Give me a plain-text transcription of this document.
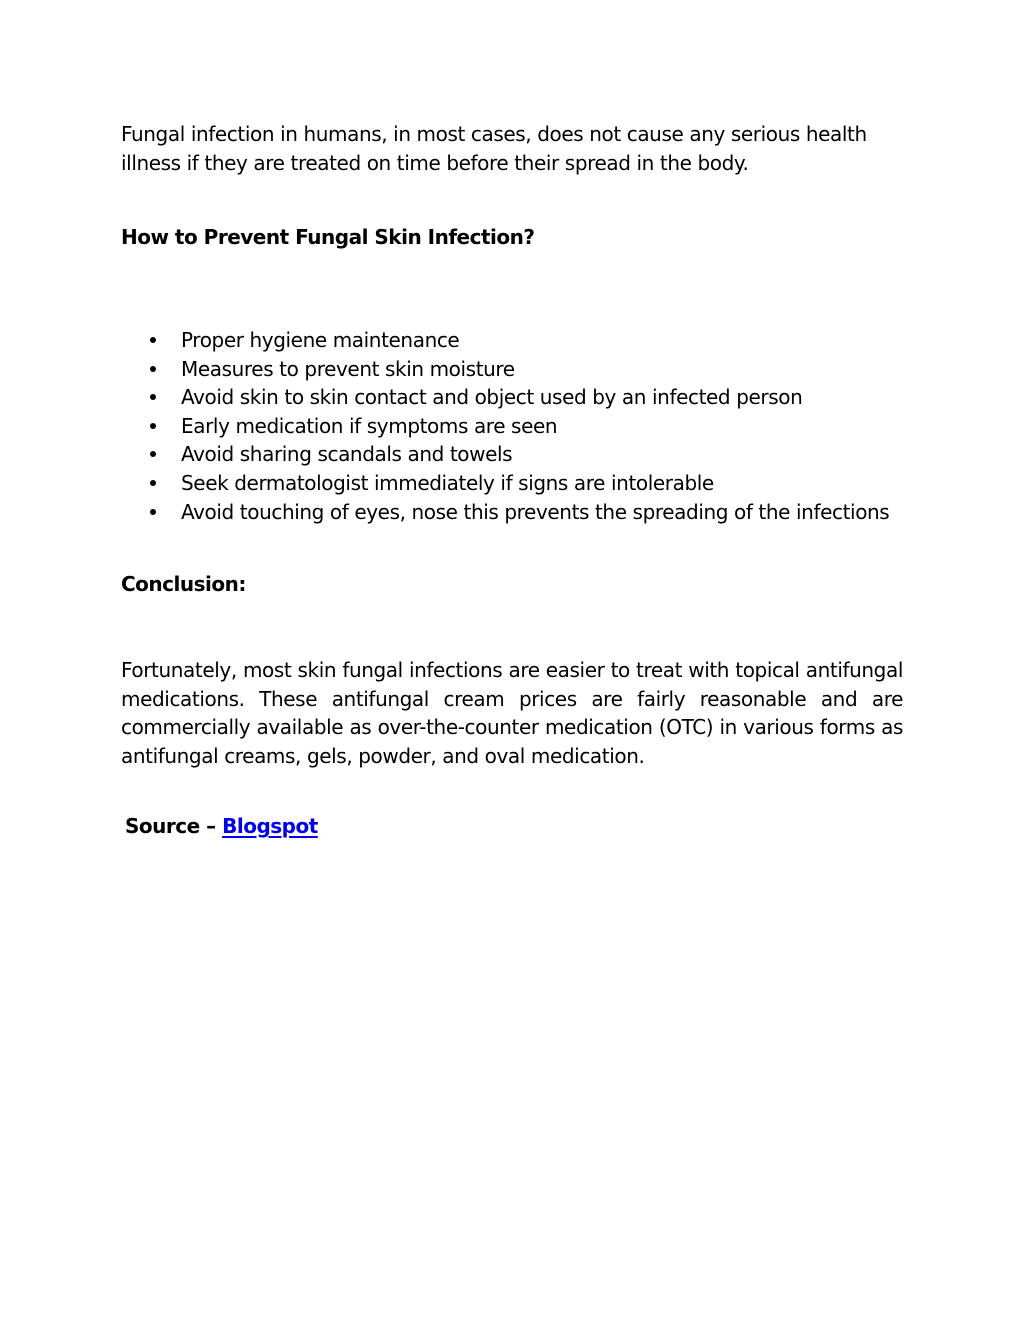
Fungal infection in humans, in most cases, does not cause any serious health illness if they are treated on time before their spread in the body.

How to Prevent Fungal Skin Infection?
Proper hygiene maintenance
Measures to prevent skin moisture
Avoid skin to skin contact and object used by an infected person
Early medication if symptoms are seen
Avoid sharing scandals and towels
Seek dermatologist immediately if signs are intolerable
Avoid touching of eyes, nose this prevents the spreading of the infections
Conclusion:

Fortunately, most skin fungal infections are easier to treat with topical antifungal medications. These antifungal cream prices are fairly reasonable and are commercially available as over-the-counter medication (OTC) in various forms as antifungal creams, gels, powder, and oval medication.

Source – Blogspot
